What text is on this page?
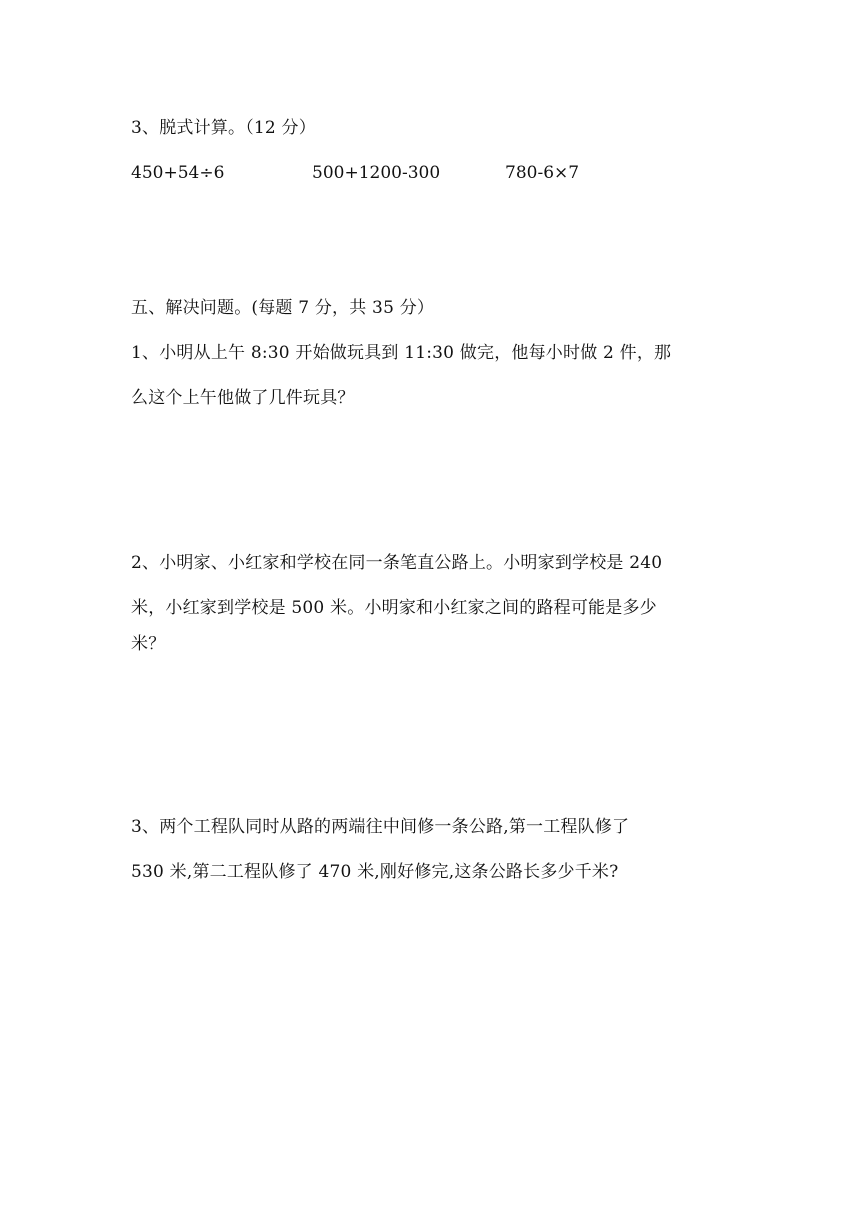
3、脱式计算。（12 分）
450+54÷6	500+1200-300	780-6×7
五、解决问题。(每题 7 分，共 35 分）
1、小明从上午 8:30 开始做玩具到 11:30 做完，他每小时做 2 件，那
么这个上午他做了几件玩具？
2、小明家、小红家和学校在同一条笔直公路上。小明家到学校是 240
米，小红家到学校是 500 米。小明家和小红家之间的路程可能是多少
米？
3、两个工程队同时从路的两端往中间修一条公路,第一工程队修了
530 米,第二工程队修了 470 米,刚好修完,这条公路长多少千米?
